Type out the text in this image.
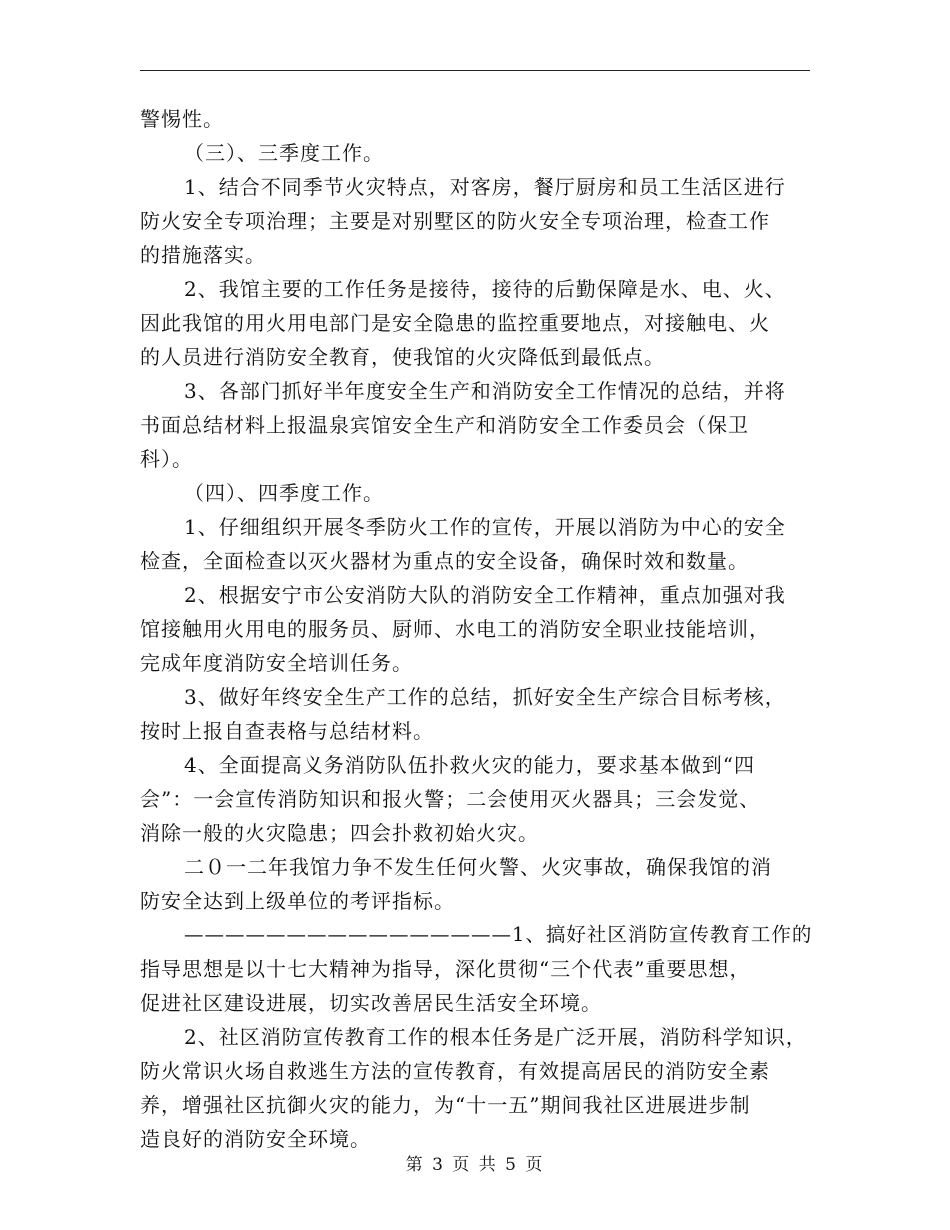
警惕性。
（三）、三季度工作。
1、结合不同季节火灾特点，对客房，餐厅厨房和员工生活区进行
防火安全专项治理；主要是对别墅区的防火安全专项治理，检查工作
的措施落实。
2、我馆主要的工作任务是接待，接待的后勤保障是水、电、火、
因此我馆的用火用电部门是安全隐患的监控重要地点，对接触电、火
的人员进行消防安全教育，使我馆的火灾降低到最低点。
3、各部门抓好半年度安全生产和消防安全工作情况的总结，并将
书面总结材料上报温泉宾馆安全生产和消防安全工作委员会（保卫
科）。
（四）、四季度工作。
1、仔细组织开展冬季防火工作的宣传，开展以消防为中心的安全
检查，全面检查以灭火器材为重点的安全设备，确保时效和数量。
2、根据安宁市公安消防大队的消防安全工作精神，重点加强对我
馆接触用火用电的服务员、厨师、水电工的消防安全职业技能培训，
完成年度消防安全培训任务。
3、做好年终安全生产工作的总结，抓好安全生产综合目标考核，
按时上报自查表格与总结材料。
4、全面提高义务消防队伍扑救火灾的能力，要求基本做到“四
会”：一会宣传消防知识和报火警；二会使用灭火器具；三会发觉、
消除一般的火灾隐患；四会扑救初始火灾。
二０一二年我馆力争不发生任何火警、火灾事故，确保我馆的消
防安全达到上级单位的考评指标。
————————————————1、搞好社区消防宣传教育工作的
指导思想是以十七大精神为指导，深化贯彻“三个代表”重要思想，
促进社区建设进展，切实改善居民生活安全环境。
2、社区消防宣传教育工作的根本任务是广泛开展，消防科学知识，
防火常识火场自救逃生方法的宣传教育，有效提高居民的消防安全素
养，增强社区抗御火灾的能力，为“十一五”期间我社区进展进步制
造良好的消防安全环境。
第 3 页 共 5 页
